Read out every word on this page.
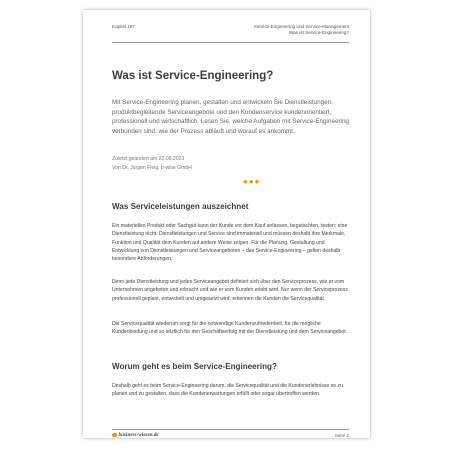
Kapitel 197	Service-Engineering und Service-Management
Was ist Service-Engineering?
Was ist Service-Engineering?

Mit Service-Engineering planen, gestalten und entwickeln Sie Dienstleistungen, produktbegleitende Serviceangebote und den Kundenservice kundenorientiert, professionell und wirtschaftlich. Lesen Sie, welche Aufgaben mit Service-Engineering verbunden sind, wie der Prozess abläuft und worauf es ankommt.

Zuletzt geändert am 22.08.2023
Von Dr. Jürgen Fleig, b-wise GmbH
●●●
Was Serviceleistungen auszeichnet

Ein materielles Produkt oder Sachgut kann der Kunde vor dem Kauf anfassen, begutachten, testen; eine Dienstleistung nicht. Dienstleistungen und Service sind immateriell und müssen deshalb ihre Merkmale, Funktion und Qualität dem Kunden auf andere Weise zeigen. Für die Planung, Gestaltung und Entwicklung von Dienstleistungen und Serviceangeboten – das Service-Engineering – gelten deshalb besondere Anforderungen.

Denn jede Dienstleistung und jedes Serviceangebot definiert sich über den Serviceprozess, wie er vom Unternehmen angeboten und erbracht und wie er vom Kunden erlebt wird. Nur wenn der Serviceprozess professionell geplant, entwickelt und umgesetzt wird, erkennen die Kunden die Servicequalität.

Die Servicequalität wiederum sorgt für die notwendige Kundenzufriedenheit, für die mögliche Kundenbindung und so letztlich für den Geschäftserfolg mit der Dienstleistung und dem Serviceangebot.

Worum geht es beim Service-Engineering?

Deshalb geht es beim Service-Engineering darum, die Servicequalität und die Kundenerlebnisse so zu planen und zu gestalten, dass die Kundenerwartungen erfüllt oder sogar übertroffen werden.

business-wissen.de	Seite 2
